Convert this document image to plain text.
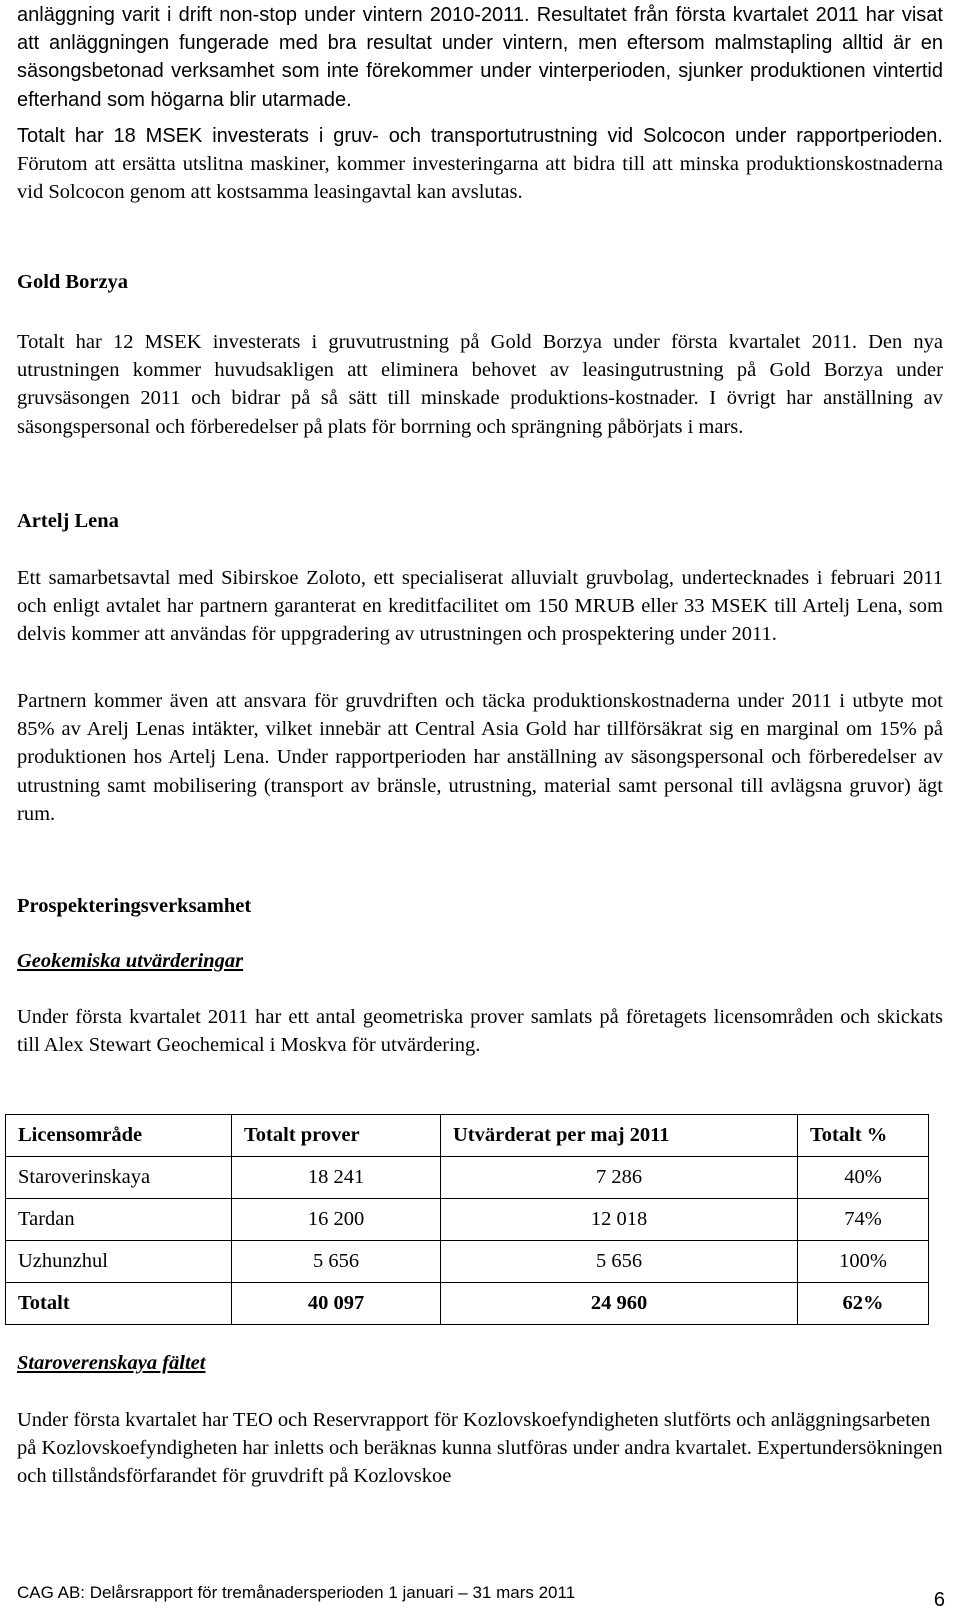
anläggning varit i drift non-stop under vintern 2010-2011. Resultatet från första kvartalet 2011 har visat att anläggningen fungerade med bra resultat under vintern, men eftersom malmstapling alltid är en säsongsbetonad verksamhet som inte förekommer under vinterperioden, sjunker produktionen vintertid efterhand som högarna blir utarmade.

Totalt har 18 MSEK investerats i gruv- och transportutrustning vid Solcocon under rapportperioden. Förutom att ersätta utslitna maskiner, kommer investeringarna att bidra till att minska produktionskostnaderna vid Solcocon genom att kostsamma leasingavtal kan avslutas.

Gold Borzya

Totalt har 12 MSEK investerats i gruvutrustning på Gold Borzya under första kvartalet 2011. Den nya utrustningen kommer huvudsakligen att eliminera behovet av leasingutrustning på Gold Borzya under gruvsäsongen 2011 och bidrar på så sätt till minskade produktions-kostnader. I övrigt har anställning av säsongspersonal och förberedelser på plats för borrning och sprängning påbörjats i mars.

Artelj Lena

Ett samarbetsavtal med Sibirskoe Zoloto, ett specialiserat alluvialt gruvbolag, undertecknades i februari 2011 och enligt avtalet har partnern garanterat en kreditfacilitet om 150 MRUB eller 33 MSEK till Artelj Lena, som delvis kommer att användas för uppgradering av utrustningen och prospektering under 2011.

Partnern kommer även att ansvara för gruvdriften och täcka produktionskostnaderna under 2011 i utbyte mot 85% av Arelj Lenas intäkter, vilket innebär att Central Asia Gold har tillförsäkrat sig en marginal om 15% på produktionen hos Artelj Lena. Under rapportperioden har anställning av säsongspersonal och förberedelser av utrustning samt mobilisering (transport av bränsle, utrustning, material samt personal till avlägsna gruvor) ägt rum.

Prospekteringsverksamhet
Geokemiska utvärderingar

Under första kvartalet 2011 har ett antal geometriska prover samlats på företagets licensområden och skickats till Alex Stewart Geochemical i Moskva för utvärdering.

Staroverenskaya fältet

Under första kvartalet har TEO och Reservrapport för Kozlovskoefyndigheten slutförts och anläggningsarbeten på Kozlovskoefyndigheten har inletts och beräknas kunna slutföras under andra kvartalet. Expertundersökningen och tillståndsförfarandet för gruvdrift på Kozlovskoe

Licensområde	Totalt prover	Utvärderat per maj 2011	Totalt %
Staroverinskaya	18 241	7 286	40%
Tardan	16 200	12 018	74%
Uzhunzhul	5 656	5 656	100%
Totalt	40 097	24 960	62%
CAG AB: Delårsrapport för tremånadersperioden 1 januari – 31 mars 2011	6
